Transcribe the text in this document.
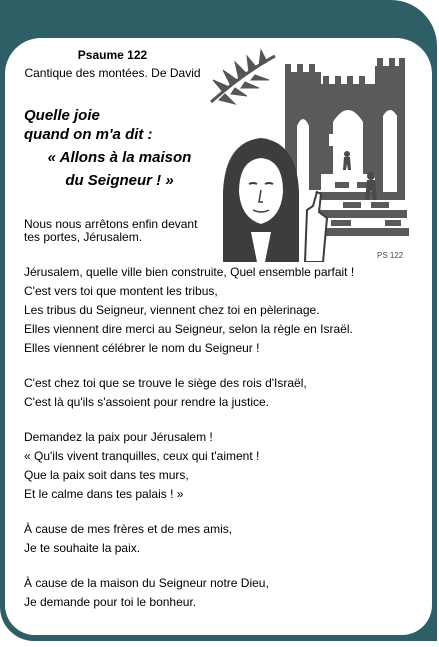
Psaume 122
Cantique des montées. De David
Quelle joie
quand on m'a dit :
« Allons à la maison
du Seigneur ! »
Nous nous arrêtons enfin devant tes portes, Jérusalem.
PS 122
Jérusalem, quelle ville bien construite, Quel ensemble parfait !
C'est vers toi que montent les tribus,
Les tribus du Seigneur, viennent chez toi en pèlerinage.
Elles viennent dire merci au Seigneur, selon la règle en Israël.
Elles viennent célébrer le nom du Seigneur !
C'est chez toi que se trouve le siège des rois d'Israël,
C'est là qu'ils s'assoient pour rendre la justice.
Demandez la paix pour Jérusalem !
« Qu'ils vivent tranquilles, ceux qui t'aiment !
Que la paix soit dans tes murs,
Et le calme dans tes palais ! »
À cause de mes frères et de mes amis,
Je te souhaite la paix.
À cause de la maison du Seigneur notre Dieu,
Je demande pour toi le bonheur.
